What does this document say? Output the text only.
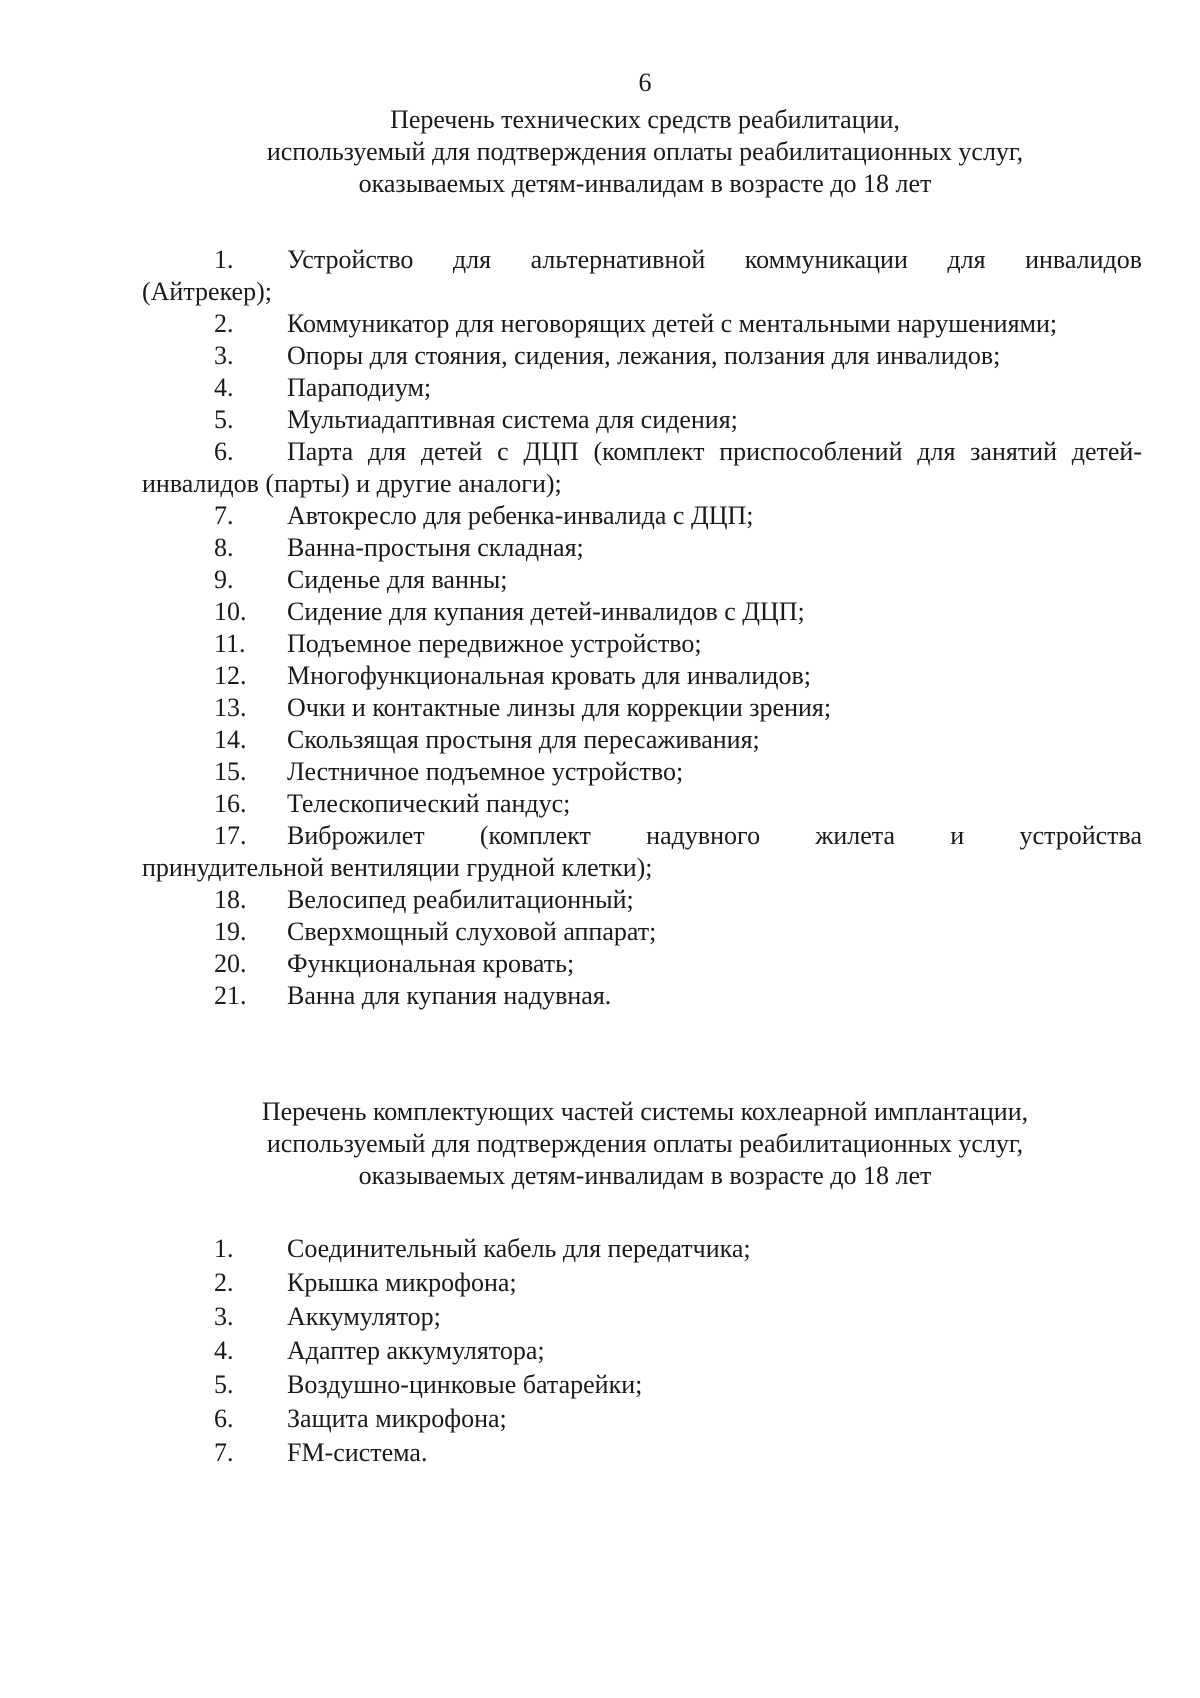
6
Перечень технических средств реабилитации,
используемый для подтверждения оплаты реабилитационных услуг,
оказываемых детям-инвалидам в возрасте до 18 лет
1. Устройство для альтернативной коммуникации для инвалидов
(Айтрекер);
2. Коммуникатор для неговорящих детей с ментальными нарушениями;
3. Опоры для стояния, сидения, лежания, ползания для инвалидов;
4. Параподиум;
5. Мультиадаптивная система для сидения;
6. Парта для детей с ДЦП (комплект приспособлений для занятий детей-
инвалидов (парты) и другие аналоги);
7. Автокресло для ребенка-инвалида с ДЦП;
8. Ванна-простыня складная;
9. Сиденье для ванны;
10. Сидение для купания детей-инвалидов с ДЦП;
11. Подъемное передвижное устройство;
12. Многофункциональная кровать для инвалидов;
13. Очки и контактные линзы для коррекции зрения;
14. Скользящая простыня для пересаживания;
15. Лестничное подъемное устройство;
16. Телескопический пандус;
17. Виброжилет (комплект надувного жилета и устройства
принудительной вентиляции грудной клетки);
18. Велосипед реабилитационный;
19. Сверхмощный слуховой аппарат;
20. Функциональная кровать;
21. Ванна для купания надувная.
Перечень комплектующих частей системы кохлеарной имплантации,
используемый для подтверждения оплаты реабилитационных услуг,
оказываемых детям-инвалидам в возрасте до 18 лет
1. Соединительный кабель для передатчика;
2. Крышка микрофона;
3. Аккумулятор;
4. Адаптер аккумулятора;
5. Воздушно-цинковые батарейки;
6. Защита микрофона;
7. FM-система.
